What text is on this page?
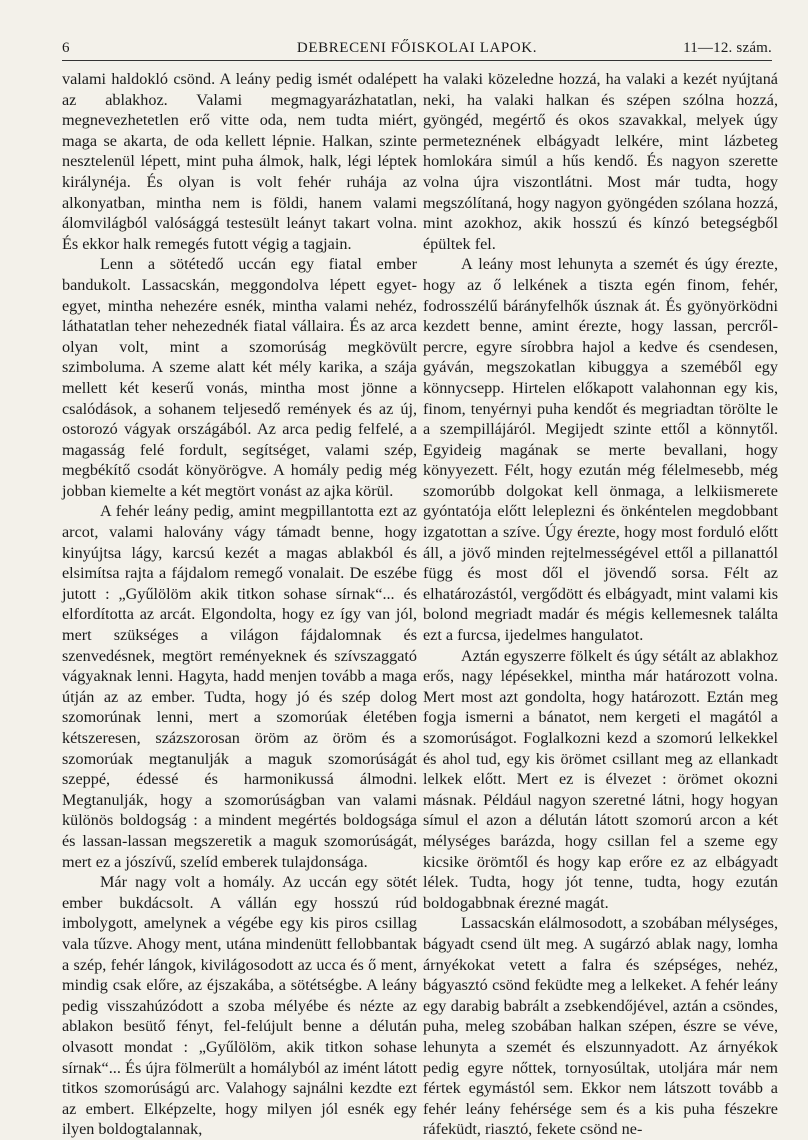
6	DEBRECENI FŐISKOLAI LAPOK.	11—12. szám.

valami haldokló csönd. A leány pedig ismét odalépett az ablakhoz. Valami megmagyarázhatatlan, megnevezhetetlen erő vitte oda, nem tudta miért, maga se akarta, de oda kellett lépnie. Halkan, szinte nesztelenül lépett, mint puha álmok, halk, légi léptek királynéja. És olyan is volt fehér ruhája az alkonyatban, mintha nem is földi, hanem valami álomvilágból valósággá testesült leányt takart volna. És ekkor halk remegés futott végig a tagjain.

Lenn a sötétedő uccán egy fiatal ember bandukolt. Lassacskán, meggondolva lépett egyet-egyet, mintha nehezére esnék, mintha valami nehéz, láthatatlan teher nehezednék fiatal vállaira. És az arca olyan volt, mint a szomorúság megkövült szimboluma. A szeme alatt két mély karika, a szája mellett két keserű vonás, mintha most jönne a csalódások, a sohanem teljesedő remények és az új, ostorozó vágyak országából. Az arca pedig felfelé, a magasság felé fordult, segítséget, valami szép, megbékítő csodát könyörögve. A homály pedig még jobban kiemelte a két megtört vonást az ajka körül.

A fehér leány pedig, amint megpillantotta ezt az arcot, valami halovány vágy támadt benne, hogy kinyújtsa lágy, karcsú kezét a magas ablakból és elsimítsa rajta a fájdalom remegő vonalait. De eszébe jutott : „Gyűlölöm akik titkon sohase sírnak“... és elfordította az arcát. Elgondolta, hogy ez így van jól, mert szükséges a világon fájdalomnak és szenvedésnek, megtört reményeknek és szívszaggató vágyaknak lenni. Hagyta, hadd menjen tovább a maga útján az az ember. Tudta, hogy jó és szép dolog szomorúnak lenni, mert a szomorúak életében kétszeresen, százszorosan öröm az öröm és a szomorúak megtanulják a maguk szomorúságát szeppé, édessé és harmonikussá álmodni. Megtanulják, hogy a szomorúságban van valami különös boldogság : a mindent megértés boldogsága és lassan-lassan megszeretik a maguk szomorúságát, mert ez a jószívű, szelíd emberek tulajdonsága.

Már nagy volt a homály. Az uccán egy sötét ember bukdácsolt. A vállán egy hosszú rúd imbolygott, amelynek a végébe egy kis piros csillag vala tűzve. Ahogy ment, utána mindenütt fellobbantak a szép, fehér lángok, kivilágosodott az ucca és ő ment, mindig csak előre, az éjszakába, a sötétségbe. A leány pedig visszahúzódott a szoba mélyébe és nézte az ablakon besütő fényt, fel-felújult benne a délután olvasott mondat : „Gyűlölöm, akik titkon sohase sírnak“... És újra fölmerült a homályból az imént látott titkos szomorúságú arc. Valahogy sajnálni kezdte ezt az embert. Elképzelte, hogy milyen jól esnék egy ilyen boldogtalannak,

ha valaki közeledne hozzá, ha valaki a kezét nyújtaná neki, ha valaki halkan és szépen szólna hozzá, gyöngéd, megértő és okos szavakkal, melyek úgy permeteznének elbágyadt lelkére, mint lázbeteg homlokára simúl a hűs kendő. És nagyon szerette volna újra viszontlátni. Most már tudta, hogy megszólítaná, hogy nagyon gyöngéden szólana hozzá, mint azokhoz, akik hosszú és kínzó betegségből épültek fel.

A leány most lehunyta a szemét és úgy érezte, hogy az ő lelkének a tiszta egén finom, fehér, fodrosszélű bárányfelhők úsznak át. És gyönyörködni kezdett benne, amint érezte, hogy lassan, percről-percre, egyre sírobbra hajol a kedve és csendesen, gyáván, megszokatlan kibuggya a szeméből egy könnycsepp. Hirtelen előkapott valahonnan egy kis, finom, tenyérnyi puha kendőt és megriadtan törölte le a szempillájáról. Megijedt szinte ettől a könnytől. Egyideig magának se merte bevallani, hogy könyyezett. Félt, hogy ezután még félelmesebb, még szomorúbb dolgokat kell önmaga, a lelkiismerete gyóntatója előtt leleplezni és önkéntelen megdobbant izgatottan a szíve. Úgy érezte, hogy most forduló előtt áll, a jövő minden rejtelmességével ettől a pillanattól függ és most dől el jövendő sorsa. Félt az elhatározástól, vergődött és elbágyadt, mint valami kis bolond megriadt madár és mégis kellemesnek találta ezt a furcsa, ijedelmes hangulatot.

Aztán egyszerre fölkelt és úgy sétált az ablakhoz erős, nagy lépésekkel, mintha már határozott volna. Mert most azt gondolta, hogy határozott. Eztán meg fogja ismerni a bánatot, nem kergeti el magától a szomorúságot. Foglalkozni kezd a szomorú lelkekkel és ahol tud, egy kis örömet csillant meg az ellankadt lelkek előtt. Mert ez is élvezet : örömet okozni másnak. Például nagyon szeretné látni, hogy hogyan símul el azon a délután látott szomorú arcon a két mélységes barázda, hogy csillan fel a szeme egy kicsike örömtől és hogy kap erőre ez az elbágyadt lélek. Tudta, hogy jót tenne, tudta, hogy ezután boldogabbnak érezné magát.

Lassacskán elálmosodott, a szobában mélységes, bágyadt csend ült meg. A sugárzó ablak nagy, lomha árnyékokat vetett a falra és szépséges, nehéz, bágyasztó csönd feküdte meg a lelkeket. A fehér leány egy darabig babrált a zsebkendőjével, aztán a csöndes, puha, meleg szobában halkan szépen, észre se véve, lehunyta a szemét és elszunnyadott. Az árnyékok pedig egyre nőttek, tornyosúltak, utoljára már nem fértek egymástól sem. Ekkor nem látszott tovább a fehér leány fehérsége sem és a kis puha fészekre ráfeküdt, riasztó, fekete csönd ne-
